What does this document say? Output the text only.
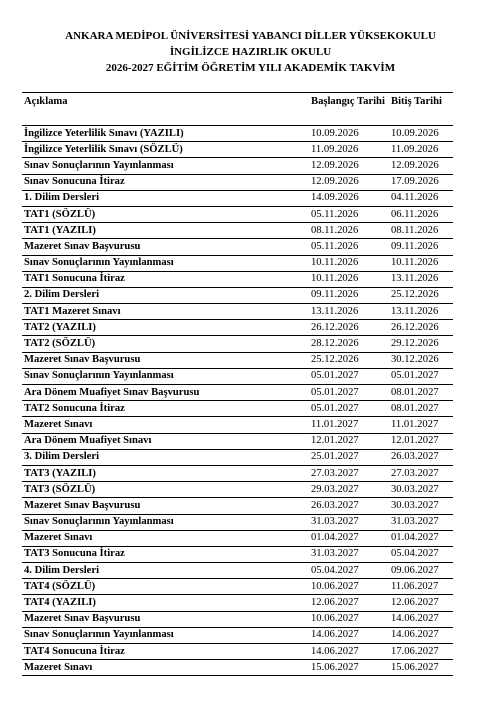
ANKARA MEDİPOL ÜNİVERSİTESİ YABANCI DİLLER YÜKSEKOKULU
İNGİLİZCE HAZIRLIK OKULU
2026-2027 EĞİTİM ÖĞRETİM YILI AKADEMİK TAKVİM
Açıklama	Başlangıç Tarihi	Bitiş Tarihi
İngilizce Yeterlilik Sınavı (YAZILI)	10.09.2026	10.09.2026
İngilizce Yeterlilik Sınavı (SÖZLÜ)	11.09.2026	11.09.2026
Sınav Sonuçlarının Yayınlanması	12.09.2026	12.09.2026
Sınav Sonucuna İtiraz	12.09.2026	17.09.2026
1. Dilim Dersleri	14.09.2026	04.11.2026
TAT1 (SÖZLÜ)	05.11.2026	06.11.2026
TAT1 (YAZILI)	08.11.2026	08.11.2026
Mazeret Sınav Başvurusu	05.11.2026	09.11.2026
Sınav Sonuçlarının Yayınlanması	10.11.2026	10.11.2026
TAT1 Sonucuna İtiraz	10.11.2026	13.11.2026
2. Dilim Dersleri	09.11.2026	25.12.2026
TAT1 Mazeret Sınavı	13.11.2026	13.11.2026
TAT2 (YAZILI)	26.12.2026	26.12.2026
TAT2 (SÖZLÜ)	28.12.2026	29.12.2026
Mazeret Sınav Başvurusu	25.12.2026	30.12.2026
Sınav Sonuçlarının Yayınlanması	05.01.2027	05.01.2027
Ara Dönem Muafiyet Sınav Başvurusu	05.01.2027	08.01.2027
TAT2 Sonucuna İtiraz	05.01.2027	08.01.2027
Mazeret Sınavı	11.01.2027	11.01.2027
Ara Dönem Muafiyet Sınavı	12.01.2027	12.01.2027
3. Dilim Dersleri	25.01.2027	26.03.2027
TAT3 (YAZILI)	27.03.2027	27.03.2027
TAT3 (SÖZLÜ)	29.03.2027	30.03.2027
Mazeret Sınav Başvurusu	26.03.2027	30.03.2027
Sınav Sonuçlarının Yayınlanması	31.03.2027	31.03.2027
Mazeret Sınavı	01.04.2027	01.04.2027
TAT3 Sonucuna İtiraz	31.03.2027	05.04.2027
4. Dilim Dersleri	05.04.2027	09.06.2027
TAT4 (SÖZLÜ)	10.06.2027	11.06.2027
TAT4 (YAZILI)	12.06.2027	12.06.2027
Mazeret Sınav Başvurusu	10.06.2027	14.06.2027
Sınav Sonuçlarının Yayınlanması	14.06.2027	14.06.2027
TAT4 Sonucuna İtiraz	14.06.2027	17.06.2027
Mazeret Sınavı	15.06.2027	15.06.2027
